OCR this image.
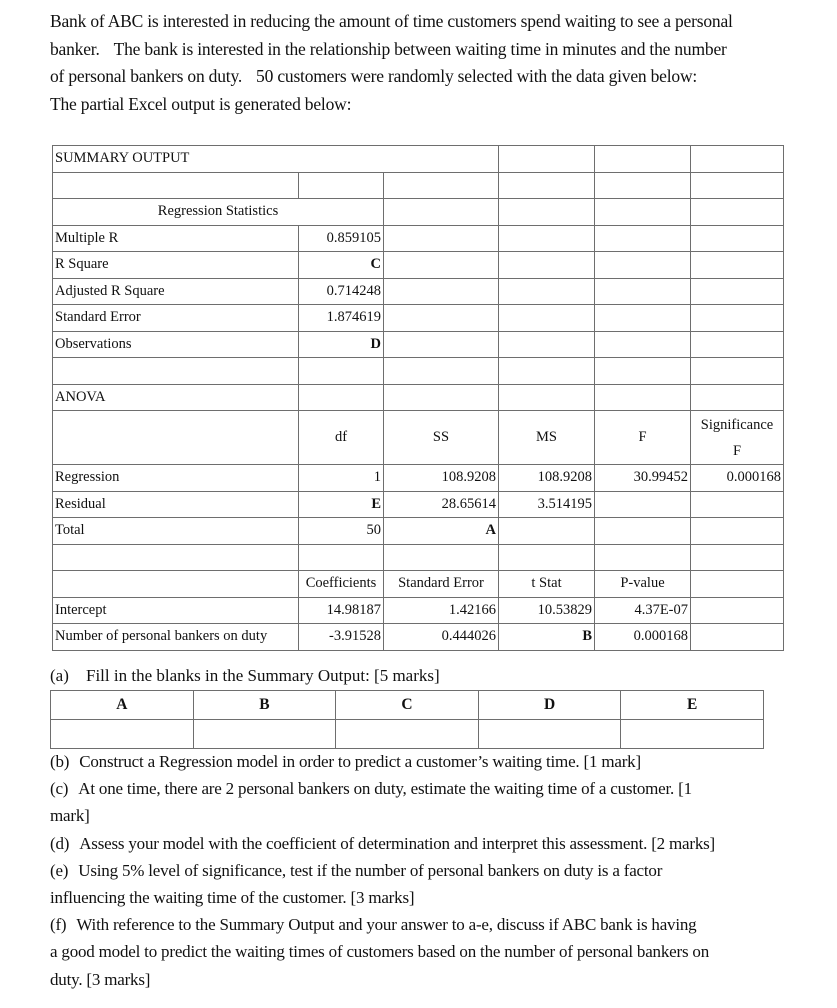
Bank of ABC is interested in reducing the amount of time customers spend waiting to see a personal

banker. The bank is interested in the relationship between waiting time in minutes and the number

of personal bankers on duty. 50 customers were randomly selected with the data given below:

The partial Excel output is generated below:

SUMMARY OUTPUT					

Regression Statistics					
Multiple R	0.859105				
R Square	C				
Adjusted R Square	0.714248				
Standard Error	1.874619				
Observations	D				

ANOVA					
	df	SS	MS	F	Significance
F
Regression	1	108.9208	108.9208	30.99452	0.000168
Residual	E	28.65614	3.514195		
Total	50	A			

	Coefficients	Standard Error	t Stat	P-value	
Intercept	14.98187	1.42166	10.53829	4.37E-07	
Number of personal bankers on duty	-3.91528	0.444026	B	0.000168	
(a) Fill in the blanks in the Summary Output: [5 marks]
A	B	C	D	E

(b) Construct a Regression model in order to predict a customer’s waiting time. [1 mark]

(c) At one time, there are 2 personal bankers on duty, estimate the waiting time of a customer. [1

mark]

(d) Assess your model with the coefficient of determination and interpret this assessment. [2 marks]

(e) Using 5% level of significance, test if the number of personal bankers on duty is a factor

influencing the waiting time of the customer. [3 marks]

(f) With reference to the Summary Output and your answer to a-e, discuss if ABC bank is having

a good model to predict the waiting times of customers based on the number of personal bankers on

duty. [3 marks]
